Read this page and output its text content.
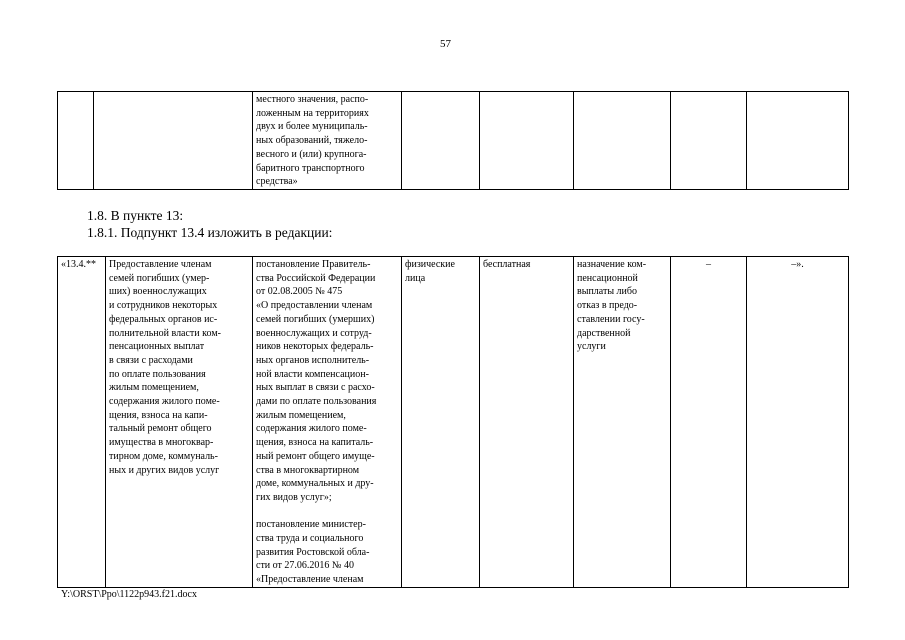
57
		местного значения, распо-
ложенным на территориях
двух и более муниципаль-
ных образований, тяжело-
весного и (или) крупнога-
баритного транспортного
средства»					
1.8. В пункте 13:
1.8.1. Подпункт 13.4 изложить в редакции:
«13.4.**	Предоставление членам
семей погибших (умер-
ших) военнослужащих
и сотрудников некоторых
федеральных органов ис-
полнительной власти ком-
пенсационных выплат
в связи с расходами
по оплате пользования
жилым помещением,
содержания жилого поме-
щения, взноса на капи-
тальный ремонт общего
имущества в многоквар-
тирном доме, коммуналь-
ных и других видов услуг	постановление Правитель-
ства Российской Федерации
от 02.08.2005 № 475
«О предоставлении членам
семей погибших (умерших)
военнослужащих и сотруд-
ников некоторых федераль-
ных органов исполнитель-
ной власти компенсацион-
ных выплат в связи с расхо-
дами по оплате пользования
жилым помещением,
содержания жилого поме-
щения, взноса на капиталь-
ный ремонт общего имуще-
ства в многоквартирном
доме, коммунальных и дру-
гих видов услуг»;

постановление министер-
ства труда и социального
развития Ростовской обла-
сти от 27.06.2016 № 40
«Предоставление членам	физические
лица	бесплатная	назначение ком-
пенсационной
выплаты либо
отказ в предо-
ставлении госу-
дарственной
услуги	–	–».
Y:\ORST\Ppo\1122p943.f21.docx
